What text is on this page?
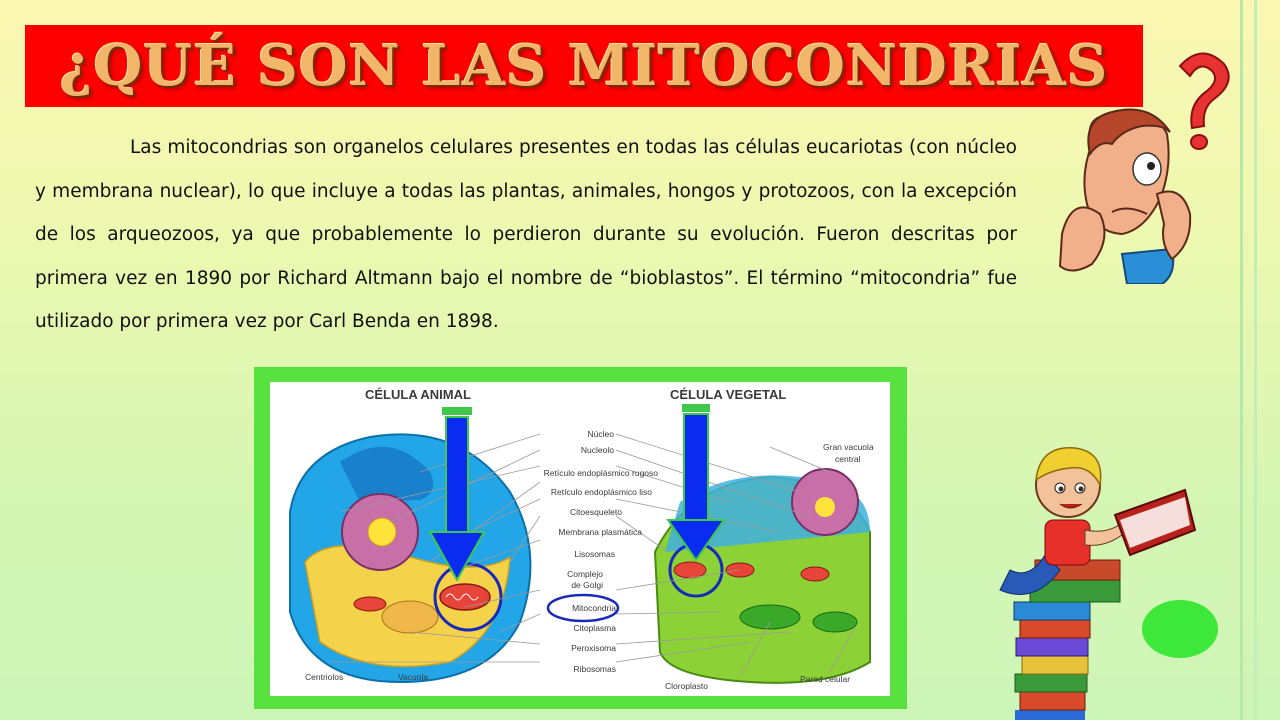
¿QUÉ SON LAS MITOCONDRIAS
Las mitocondrias son organelos celulares presentes en todas las células eucariotas (con núcleo y membrana nuclear), lo que incluye a todas las plantas, animales, hongos y protozoos, con la excepción de los arqueozoos, ya que probablemente lo perdieron durante su evolución. Fueron descritas por primera vez en 1890 por Richard Altmann bajo el nombre de “bioblastos”. El término “mitocondria” fue utilizado por primera vez por Carl Benda en 1898.
CÉLULA ANIMAL	CÉLULA VEGETAL
Núcleo
Nucleolo
Retículo endoplásmico rugoso
Retículo endoplásmico liso
Citoesqueleto
Membrana plasmática
Lisosomas
Complejo
de Golgi
Mitocondria
Citoplasma
Peroxisoma
Ribosomas
Gran vacuola
central
Centriolos	Vacuola
Cloroplasto
Pared celular
